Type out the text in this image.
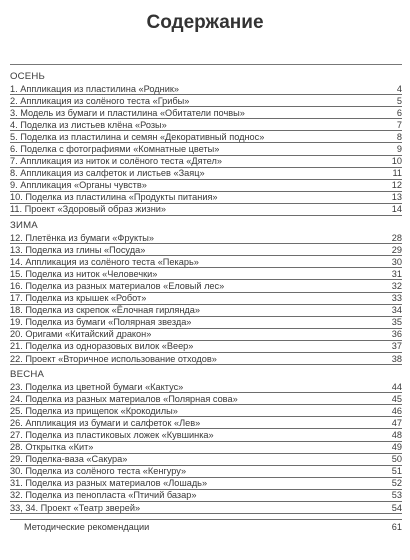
Содержание
ОСЕНЬ
1. Аппликация из пластилина «Родник»	4
2. Аппликация из солёного теста «Грибы»	5
3. Модель из бумаги и пластилина «Обитатели почвы»	6
4. Поделка из листьев клёна «Розы»	7
5. Поделка из пластилина и семян «Декоративный поднос»	8
6. Поделка с фотографиями «Комнатные цветы»	9
7. Аппликация из ниток и солёного теста «Дятел»	10
8. Аппликация из салфеток и листьев «Заяц»	11
9. Аппликация «Органы чувств»	12
10. Поделка из пластилина «Продукты питания»	13
11. Проект «Здоровый образ жизни»	14
ЗИМА
12. Плетёнка из бумаги «Фрукты»	28
13. Поделка из глины «Посуда»	29
14. Аппликация из солёного теста «Пекарь»	30
15. Поделка из ниток «Человечки»	31
16. Поделка из разных материалов «Еловый лес»	32
17. Поделка из крышек «Робот»	33
18. Поделка из скрепок «Ёлочная гирлянда»	34
19. Поделка из бумаги «Полярная звезда»	35
20. Оригами «Китайский дракон»	36
21. Поделка из одноразовых вилок «Веер»	37
22. Проект «Вторичное использование отходов»	38
ВЕСНА
23. Поделка из цветной бумаги «Кактус»	44
24. Поделка из разных материалов «Полярная сова»	45
25. Поделка из прищепок «Крокодилы»	46
26. Аппликация из бумаги и салфеток «Лев»	47
27. Поделка из пластиковых ложек «Кувшинка»	48
28. Открытка «Кит»	49
29. Поделка-ваза «Сакура»	50
30. Поделка из солёного теста «Кенгуру»	51
31. Поделка из разных материалов «Лошадь»	52
32. Поделка из пенопласта «Птичий базар»	53
33, 34. Проект «Театр зверей»	54
Методические рекомендации	61
